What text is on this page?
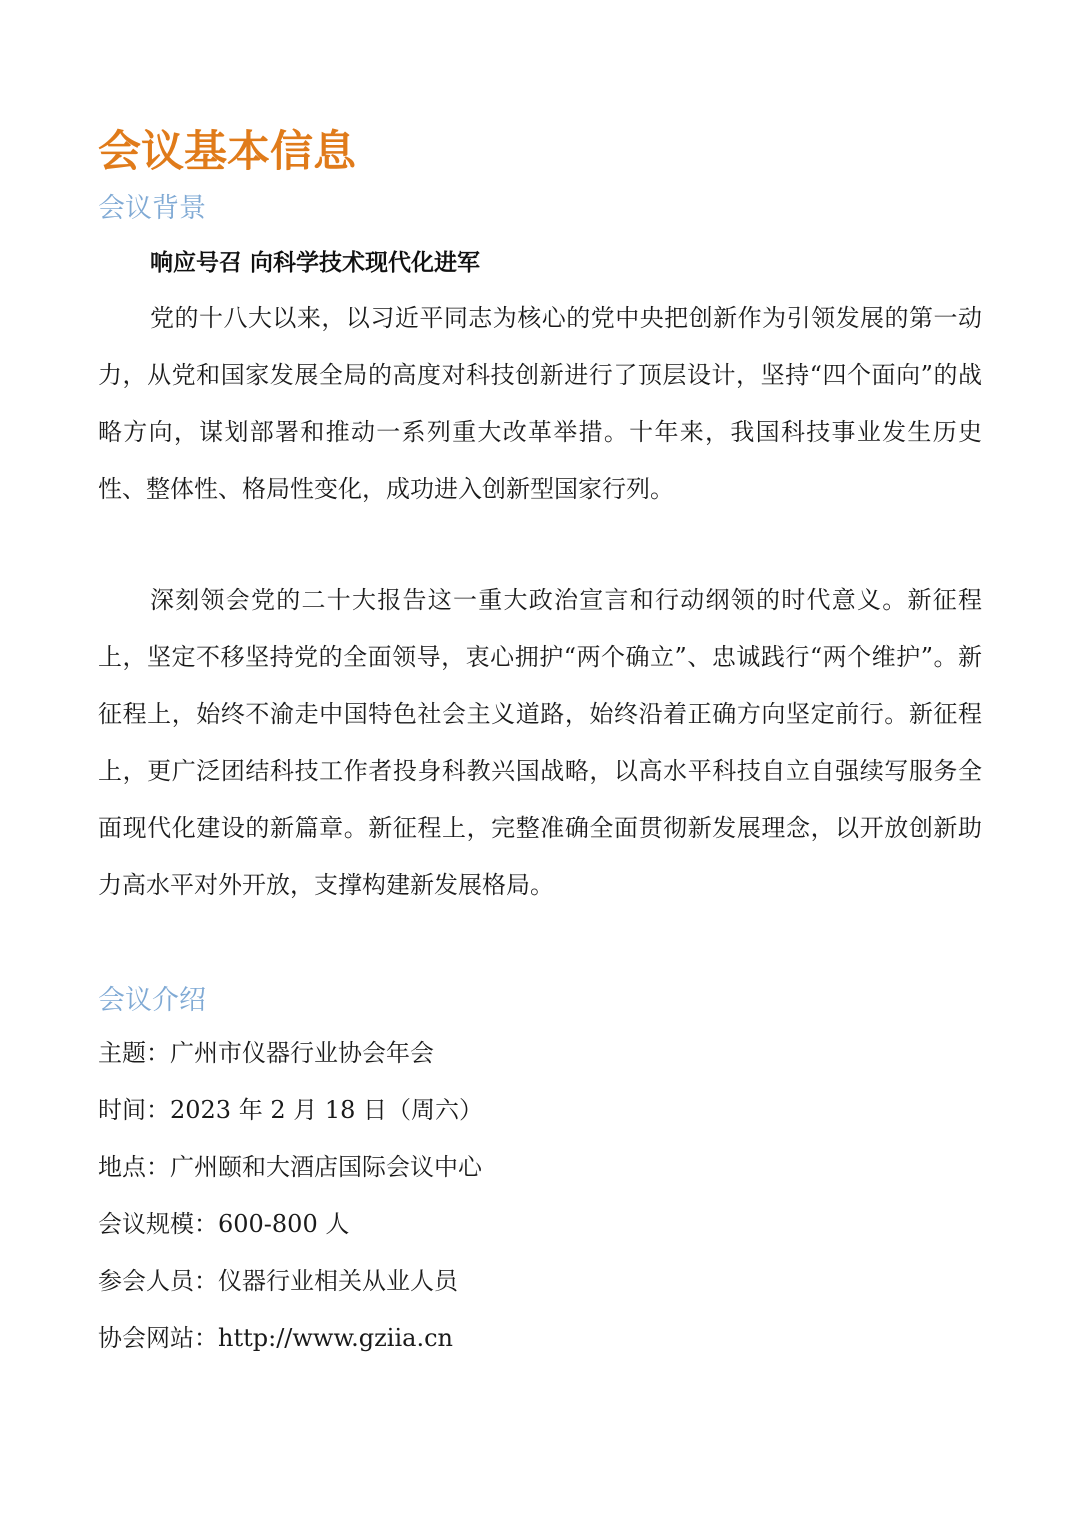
会议基本信息
会议背景
响应号召 向科学技术现代化进军

党的十八大以来，以习近平同志为核心的党中央把创新作为引领发展的第一动力，从党和国家发展全局的高度对科技创新进行了顶层设计，坚持“四个面向”的战略方向，谋划部署和推动一系列重大改革举措。十年来，我国科技事业发生历史性、整体性、格局性变化，成功进入创新型国家行列。

深刻领会党的二十大报告这一重大政治宣言和行动纲领的时代意义。新征程上，坚定不移坚持党的全面领导，衷心拥护“两个确立”、忠诚践行“两个维护”。新征程上，始终不渝走中国特色社会主义道路，始终沿着正确方向坚定前行。新征程上，更广泛团结科技工作者投身科教兴国战略，以高水平科技自立自强续写服务全面现代化建设的新篇章。新征程上，完整准确全面贯彻新发展理念，以开放创新助力高水平对外开放，支撑构建新发展格局。

会议介绍
主题：广州市仪器行业协会年会
时间：2023 年 2 月 18 日（周六）
地点：广州颐和大酒店国际会议中心
会议规模：600-800 人
参会人员：仪器行业相关从业人员
协会网站：http://www.gziia.cn
